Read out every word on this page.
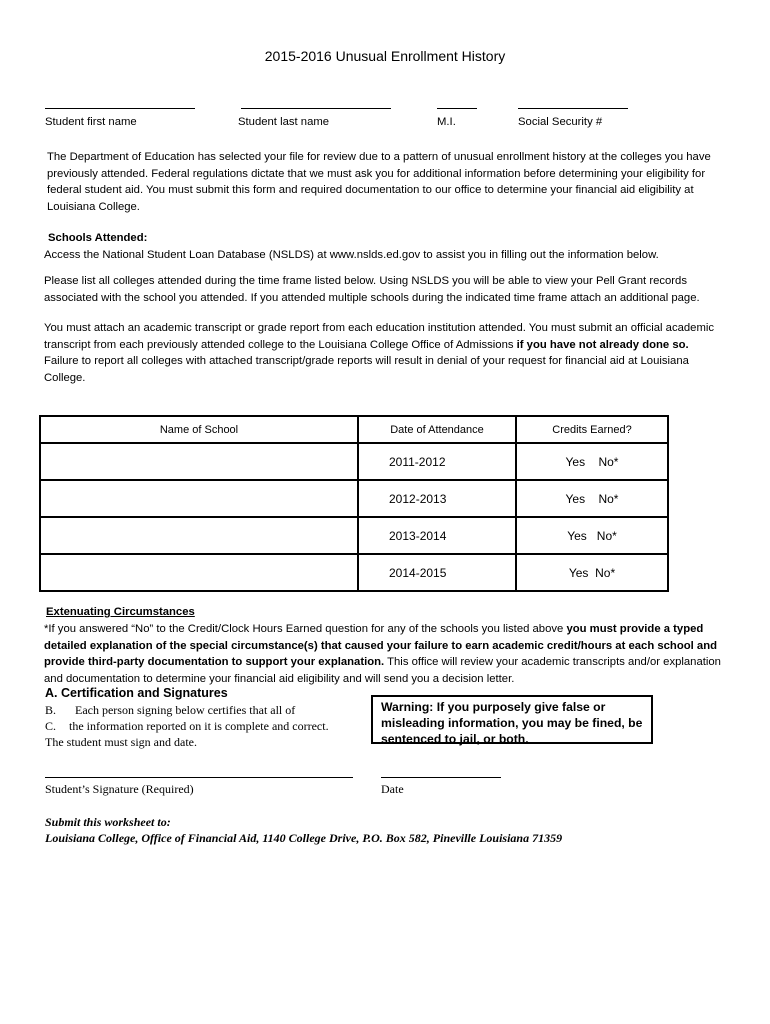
2015-2016 Unusual Enrollment History
Student first name	Student last name	M.I.	Social Security #
The Department of Education has selected your file for review due to a pattern of unusual enrollment history at the colleges you have previously attended. Federal regulations dictate that we must ask you for additional information before determining your eligibility for federal student aid. You must submit this form and required documentation to our office to determine your financial aid eligibility at Louisiana College.
Schools Attended:
Access the National Student Loan Database (NSLDS) at www.nslds.ed.gov to assist you in filling out the information below.
Please list all colleges attended during the time frame listed below. Using NSLDS you will be able to view your Pell Grant records associated with the school you attended. If you attended multiple schools during the indicated time frame attach an additional page.
You must attach an academic transcript or grade report from each education institution attended. You must submit an official academic transcript from each previously attended college to the Louisiana College Office of Admissions if you have not already done so. Failure to report all colleges with attached transcript/grade reports will result in denial of your request for financial aid at Louisiana College.
Name of School	Date of Attendance	Credits Earned?
	2011-2012	Yes    No*
	2012-2013	Yes    No*
	2013-2014	Yes   No*
	2014-2015	Yes  No*
Extenuating Circumstances
*If you answered “No” to the Credit/Clock Hours Earned question for any of the schools you listed above you must provide a typed detailed explanation of the special circumstance(s) that caused your failure to earn academic credit/hours at each school and provide third-party documentation to support your explanation. This office will review your academic transcripts and/or explanation and documentation to determine your financial aid eligibility and will send you a decision letter.
A. Certification and Signatures
B. Each person signing below certifies that all of
C. the information reported on it is complete and correct.
The student must sign and date.
Warning: If you purposely give false or misleading information, you may be fined, be sentenced to jail, or both.
Student’s Signature (Required)	Date
Submit this worksheet to:
Louisiana College, Office of Financial Aid, 1140 College Drive, P.O. Box 582, Pineville Louisiana 71359
